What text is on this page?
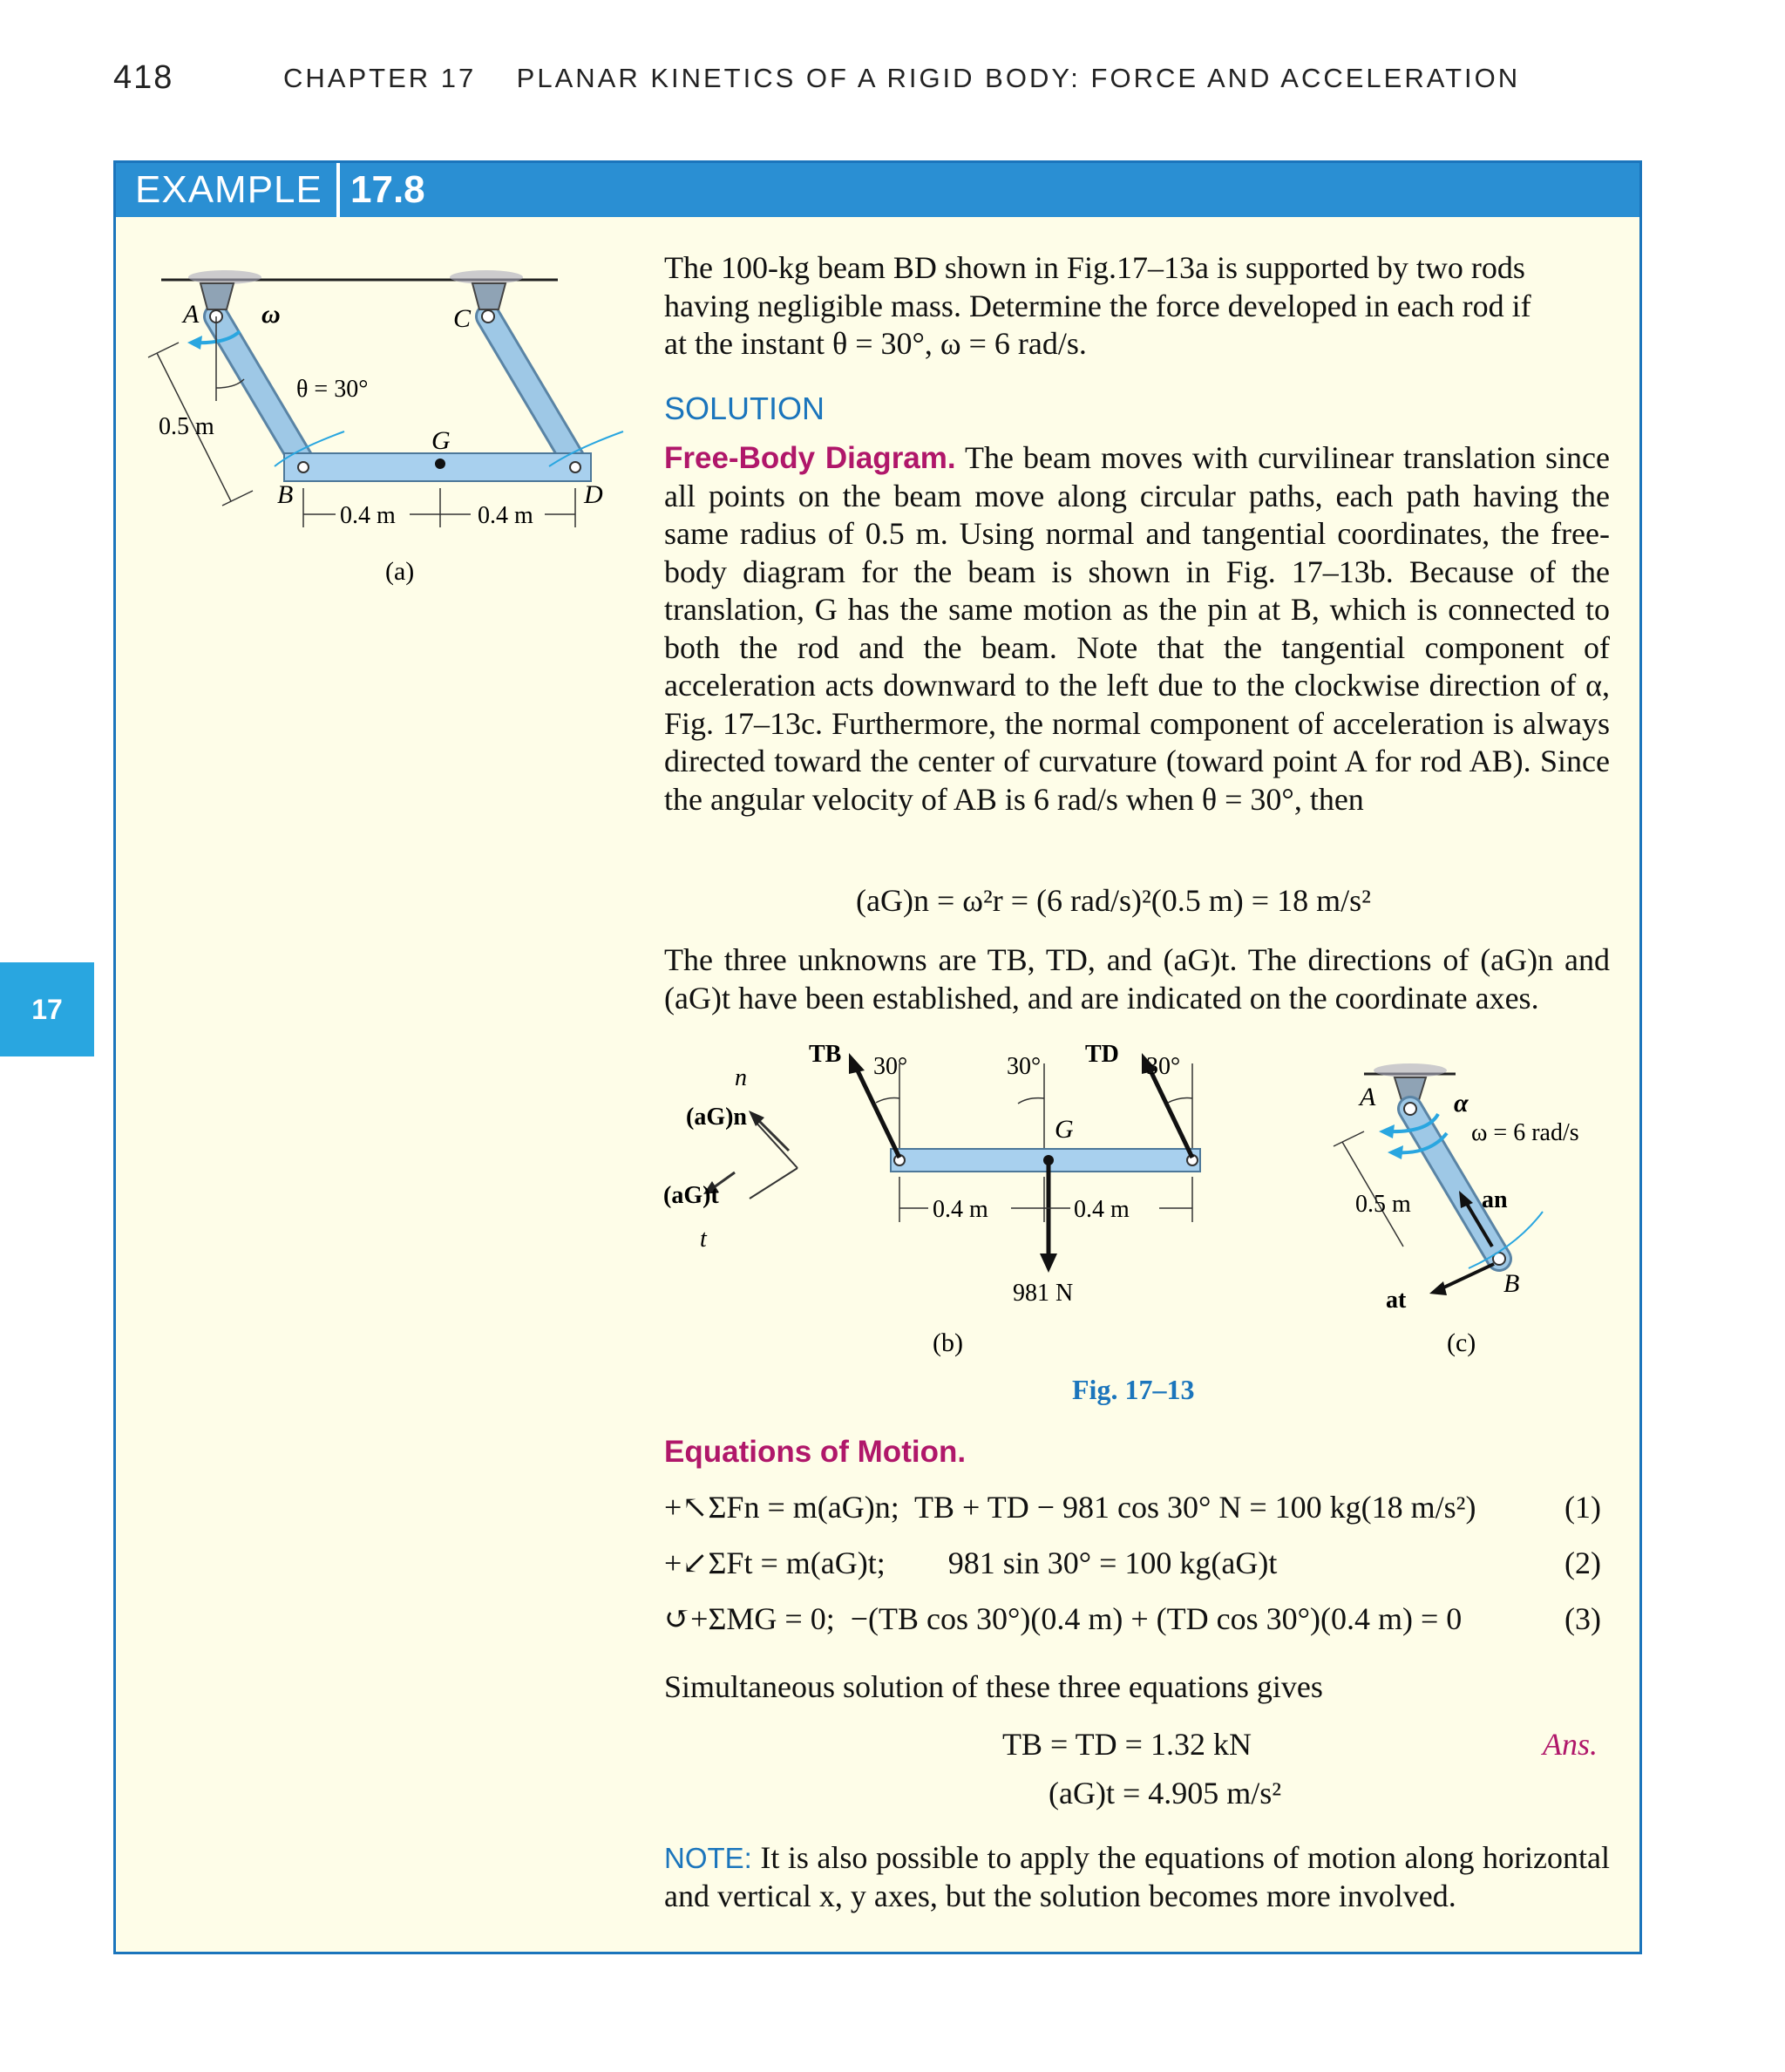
418	CHAPTER 17    PLANAR KINETICS OF A RIGID BODY: FORCE AND ACCELERATION
17
EXAMPLE 17.8
A ω	C
θ = 30°
0.5 m	G
B	D
0.4 m	0.4 m
(a)
The 100-kg beam BD shown in Fig.17–13a is supported by two rods
having negligible mass. Determine the force developed in each rod if
at the instant θ = 30°, ω = 6 rad/s.
SOLUTION
Free-Body Diagram. The beam moves with curvilinear translation since all points on the beam move along circular paths, each path having the same radius of 0.5 m. Using normal and tangential coordinates, the free-body diagram for the beam is shown in Fig. 17–13b. Because of the translation, G has the same motion as the pin at B, which is connected to both the rod and the beam. Note that the tangential component of acceleration acts downward to the left due to the clockwise direction of α, Fig. 17–13c. Furthermore, the normal component of acceleration is always directed toward the center of curvature (toward point A for rod AB). Since the angular velocity of AB is 6 rad/s when θ = 30°, then
(aG)n = ω²r = (6 rad/s)²(0.5 m) = 18 m/s²
The three unknowns are TB, TD, and (aG)t. The directions of (aG)n and (aG)t have been established, and are indicated on the coordinate axes.
n
(aG)n
(aG)t
t
TB 30°	30° TD 30°
G
0.4 m	0.4 m
981 N
(b)
A	α
ω = 6 rad/s
0.5 m	an
B
at
(c)
Fig. 17–13
Equations of Motion.
+↖ΣFn = m(aG)n;  TB + TD − 981 cos 30° N = 100 kg(18 m/s²)	(1)
+↙ΣFt = m(aG)t;        981 sin 30° = 100 kg(aG)t	(2)
↺+ΣMG = 0;  −(TB cos 30°)(0.4 m) + (TD cos 30°)(0.4 m) = 0	(3)
Simultaneous solution of these three equations gives
TB = TD = 1.32 kN	Ans.
(aG)t = 4.905 m/s²
NOTE: It is also possible to apply the equations of motion along horizontal and vertical x, y axes, but the solution becomes more involved.
